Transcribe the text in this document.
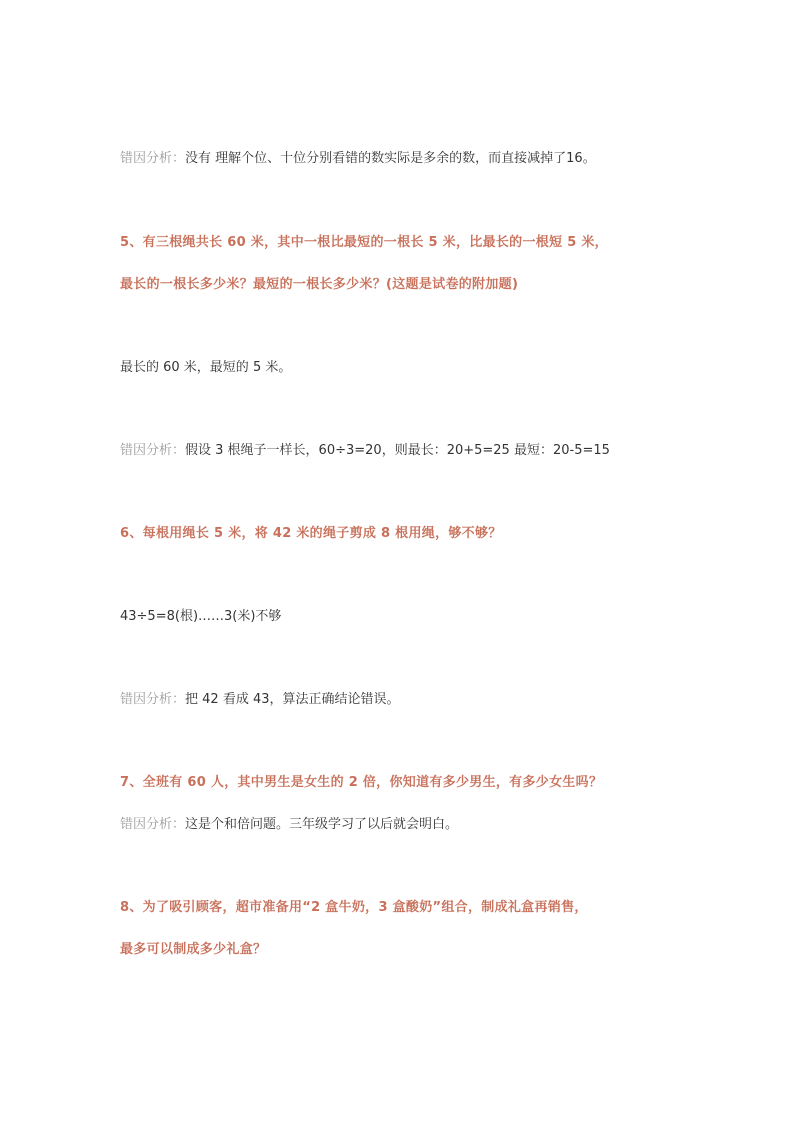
错因分析：没有 理解个位、十位分别看错的数实际是多余的数，而直接减掉了16。
5、有三根绳共长 60 米，其中一根比最短的一根长 5 米，比最长的一根短 5 米，
最长的一根长多少米？最短的一根长多少米？(这题是试卷的附加题)
最长的 60 米，最短的 5 米。
错因分析：假设 3 根绳子一样长，60÷3=20，则最长：20+5=25 最短：20-5=15
6、每根用绳长 5 米，将 42 米的绳子剪成 8 根用绳，够不够？
43÷5=8(根)……3(米)不够
错因分析：把 42 看成 43，算法正确结论错误。
7、全班有 60 人，其中男生是女生的 2 倍，你知道有多少男生，有多少女生吗？
错因分析：这是个和倍问题。三年级学习了以后就会明白。
8、为了吸引顾客，超市准备用“2 盒牛奶，3 盒酸奶”组合，制成礼盒再销售，
最多可以制成多少礼盒？
